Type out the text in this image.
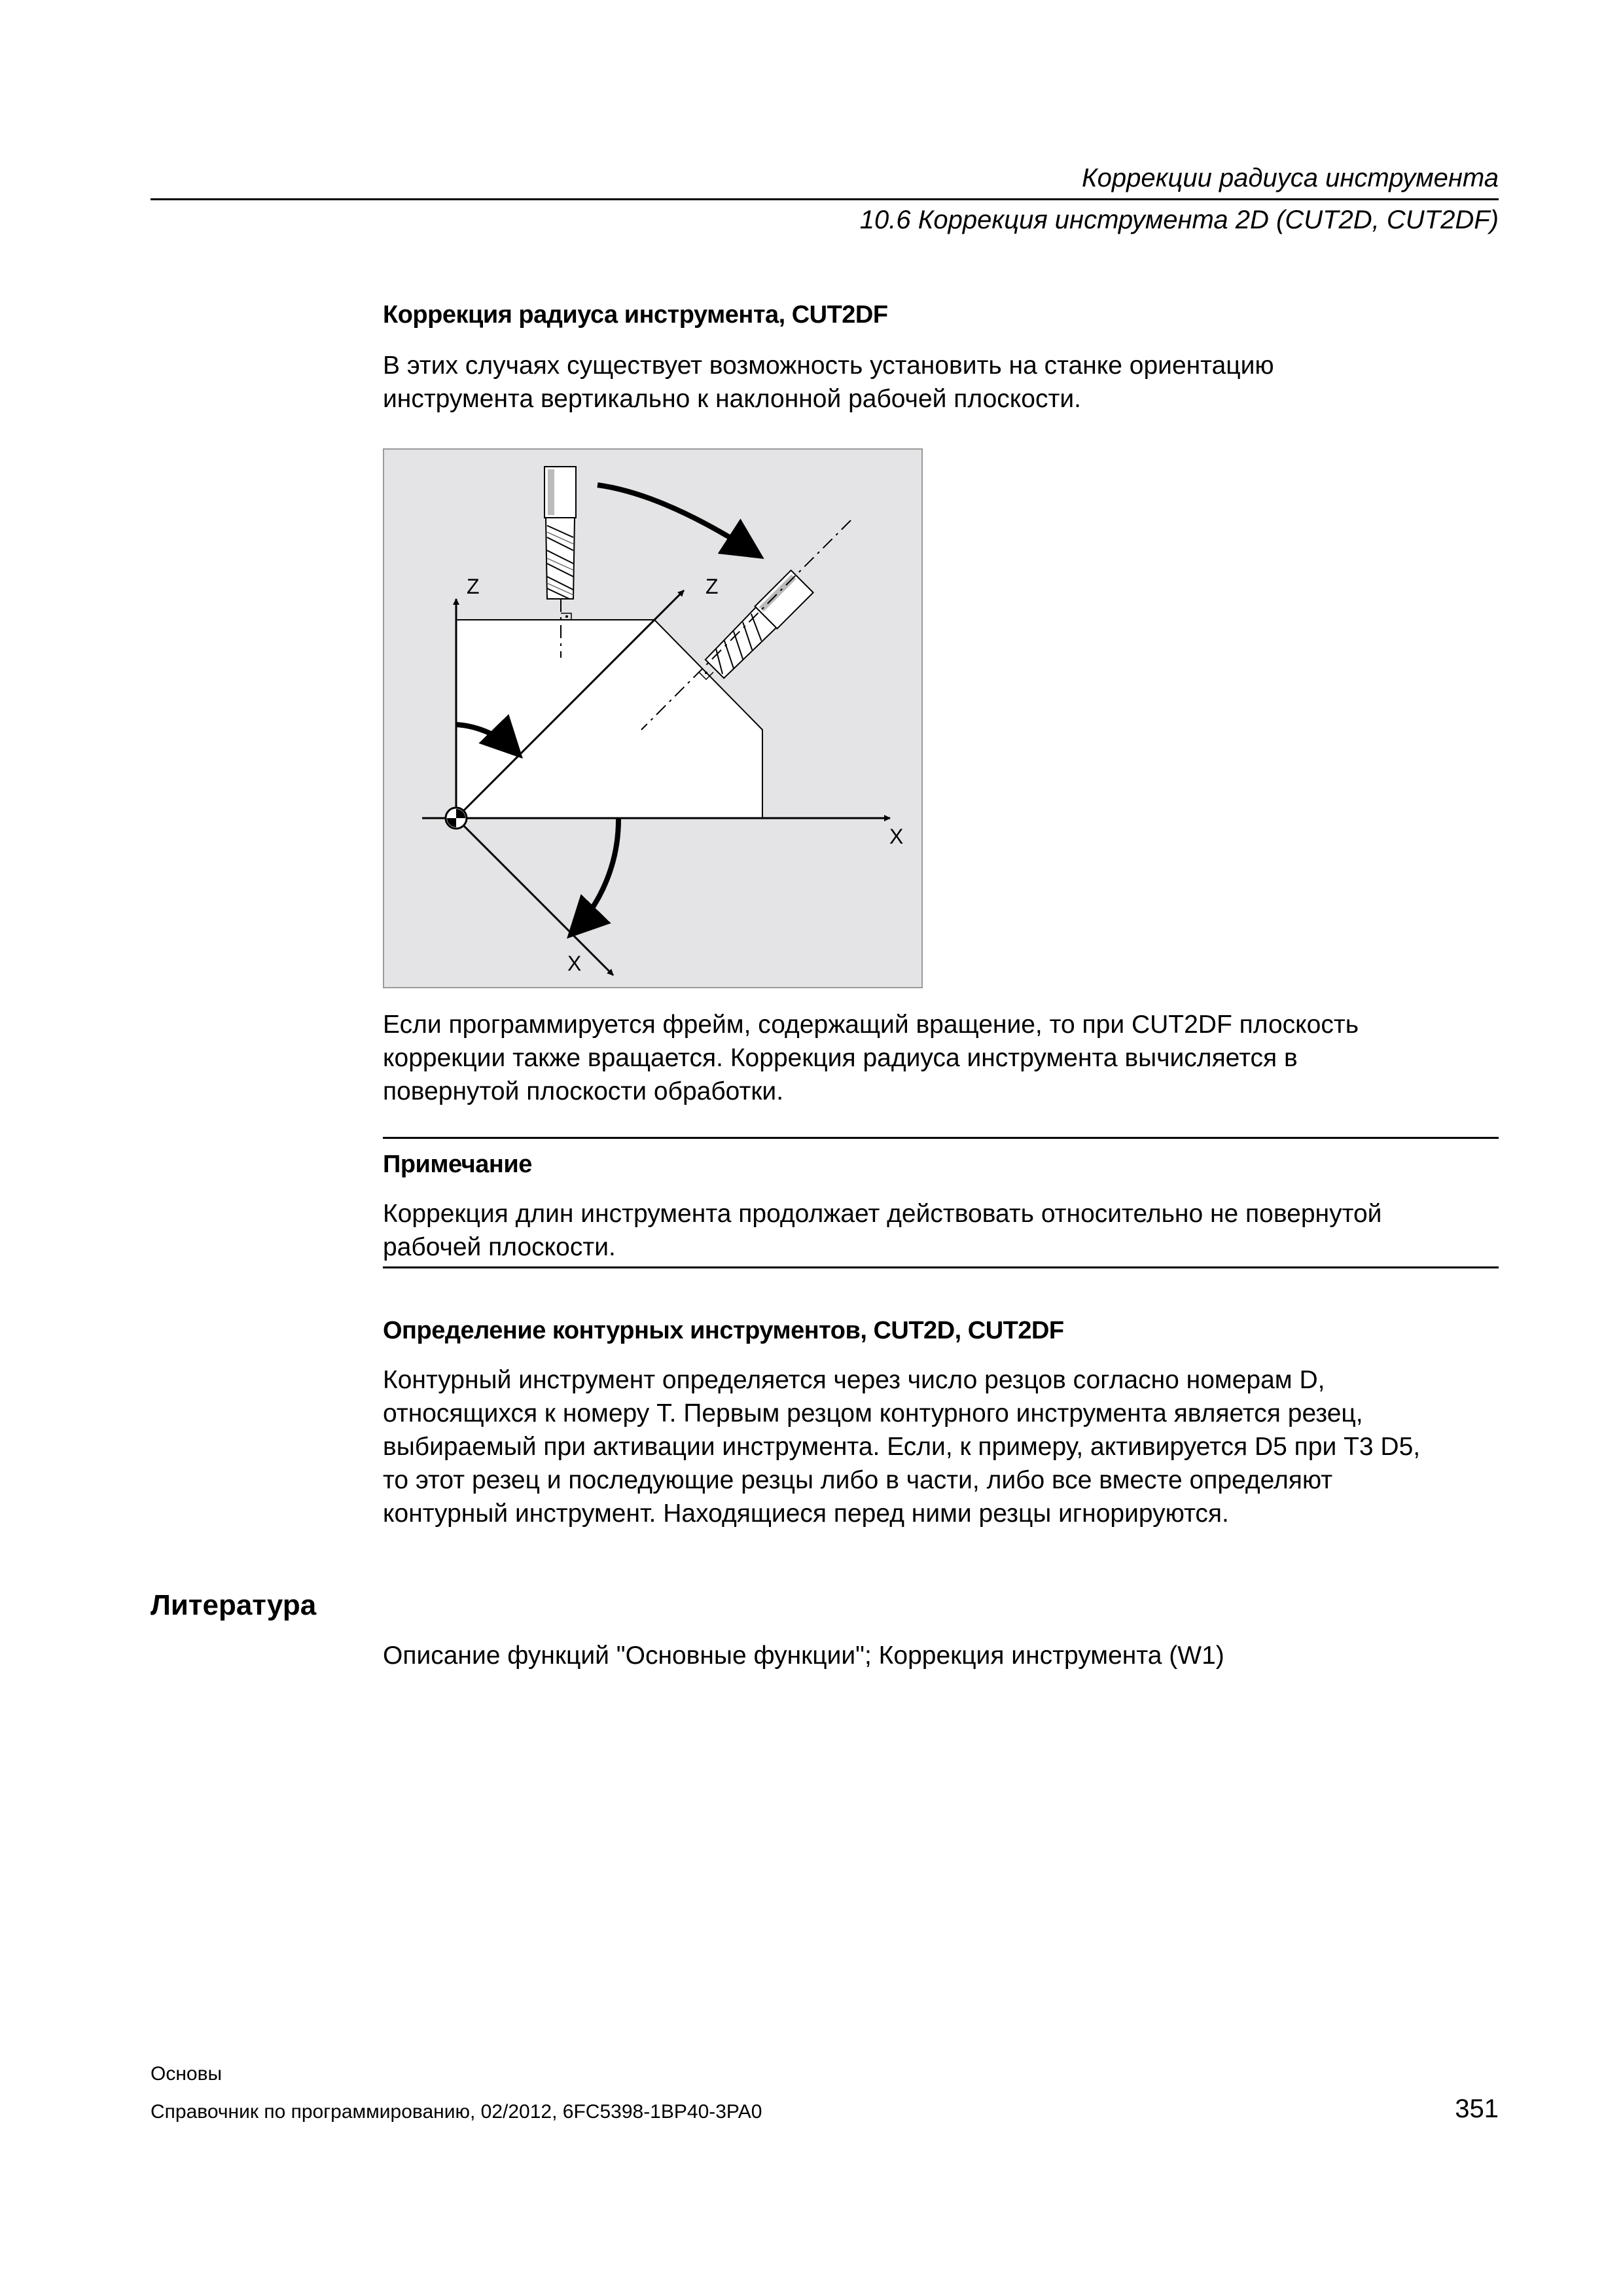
Коррекции радиуса инструмента
10.6 Коррекция инструмента 2D (CUT2D, CUT2DF)
Коррекция радиуса инструмента, CUT2DF
В этих случаях существует возможность установить на станке ориентацию
инструмента вертикально к наклонной рабочей плоскости.
Z	Z
X
X
Если программируется фрейм, содержащий вращение, то при CUT2DF плоскость
коррекции также вращается. Коррекция радиуса инструмента вычисляется в
повернутой плоскости обработки.
Примечание
Коррекция длин инструмента продолжает действовать относительно не повернутой
рабочей плоскости.
Определение контурных инструментов, CUT2D, CUT2DF
Контурный инструмент определяется через число резцов согласно номерам D,
относящихся к номеру T. Первым резцом контурного инструмента является резец,
выбираемый при активации инструмента. Если, к примеру, активируется D5 при T3 D5,
то этот резец и последующие резцы либо в части, либо все вместе определяют
контурный инструмент. Находящиеся перед ними резцы игнорируются.
Литература
Описание функций "Основные функции"; Коррекция инструмента (W1)
Основы
Справочник по программированию, 02/2012, 6FC5398-1BP40-3PA0	351
